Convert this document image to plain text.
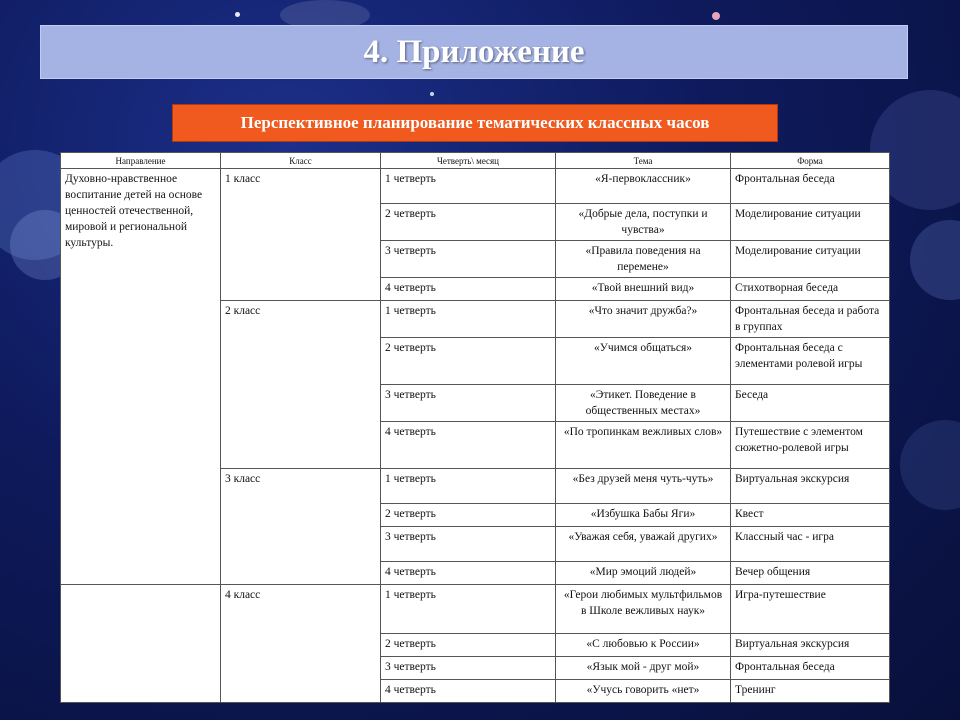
4. Приложение
Перспективное планирование тематических классных часов
Направление	Класс	Четверть\ месяц	Тема	Форма
Духовно-нравственное воспитание детей на основе ценностей отечественной, мировой и региональной культуры.	1 класс	1 четверть	«Я-первоклассник»	Фронтальная беседа
		2 четверть	«Добрые дела, поступки и чувства»	Моделирование ситуации
		3 четверть	«Правила поведения на перемене»	Моделирование ситуации
		4 четверть	«Твой внешний вид»	Стихотворная беседа
	2 класс	1 четверть	«Что значит дружба?»	Фронтальная беседа и работа в группах
		2 четверть	«Учимся общаться»	Фронтальная беседа с элементами ролевой игры
		3 четверть	«Этикет. Поведение в общественных местах»	Беседа
		4 четверть	«По тропинкам вежливых слов»	Путешествие с элементом сюжетно-ролевой игры
	3 класс	1 четверть	«Без друзей меня чуть-чуть»	Виртуальная экскурсия
		2 четверть	«Избушка Бабы Яги»	Квест
		3 четверть	«Уважая себя, уважай других»	Классный час - игра
		4 четверть	«Мир эмоций людей»	Вечер общения
	4 класс	1 четверть	«Герои любимых мультфильмов в Школе вежливых наук»	Игра-путешествие
		2 четверть	«С любовью к России»	Виртуальная экскурсия
		3 четверть	«Язык мой - друг мой»	Фронтальная беседа
		4 четверть	«Учусь говорить «нет»	Тренинг
